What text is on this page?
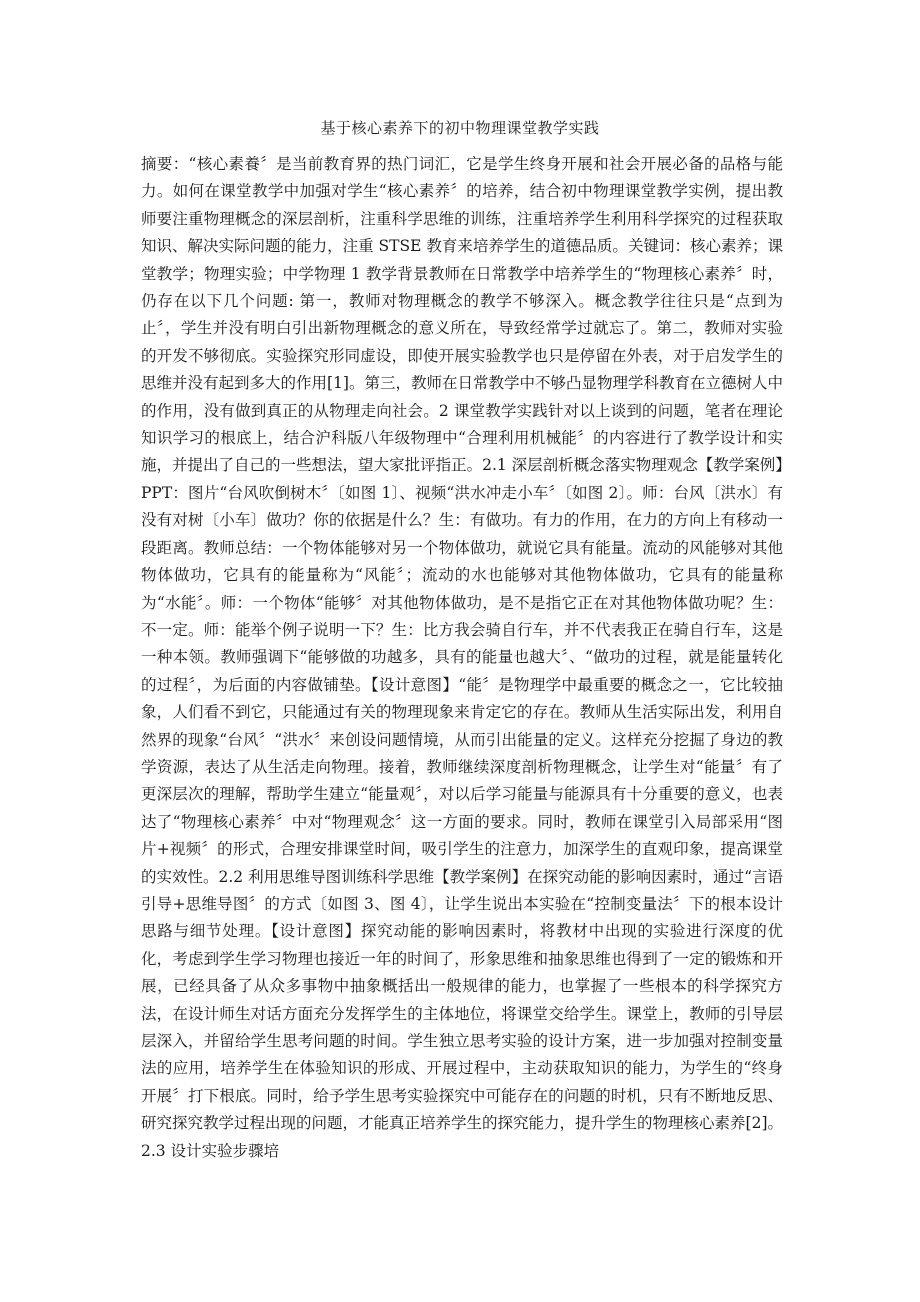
基于核心素养下的初中物理课堂教学实践
摘要：“核心素養〞是当前教育界的热门词汇，它是学生终身开展和社会开展必备的品格与能力。如何在课堂教学中加强对学生“核心素养〞的培养，结合初中物理课堂教学实例，提出教师要注重物理概念的深层剖析，注重科学思维的训练，注重培养学生利用科学探究的过程获取知识、解决实际问题的能力，注重 STSE 教育来培养学生的道德品质。关键词：核心素养；课堂教学；物理实验；中学物理 1 教学背景教师在日常教学中培养学生的“物理核心素养〞时，仍存在以下几个问题: 第一，教师对物理概念的教学不够深入。概念教学往往只是“点到为止〞，学生并没有明白引出新物理概念的意义所在，导致经常学过就忘了。第二，教师对实验的开发不够彻底。实验探究形同虚设，即使开展实验教学也只是停留在外表，对于启发学生的思维并没有起到多大的作用[1]。第三，教师在日常教学中不够凸显物理学科教育在立德树人中的作用，没有做到真正的从物理走向社会。2 课堂教学实践针对以上谈到的问题，笔者在理论知识学习的根底上，结合沪科版八年级物理中“合理利用机械能〞的内容进行了教学设计和实施，并提出了自己的一些想法，望大家批评指正。2.1 深层剖析概念落实物理观念【教学案例】PPT：图片“台风吹倒树木〞〔如图 1〕、视频“洪水冲走小车〞〔如图 2〕。师：台风〔洪水〕有没有对树〔小车〕做功？你的依据是什么？生：有做功。有力的作用，在力的方向上有移动一段距离。教师总结：一个物体能够对另一个物体做功，就说它具有能量。流动的风能够对其他物体做功，它具有的能量称为“风能〞；流动的水也能够对其他物体做功，它具有的能量称为“水能〞。师：一个物体“能够〞对其他物体做功，是不是指它正在对其他物体做功呢？生：不一定。师：能举个例子说明一下？生：比方我会骑自行车，并不代表我正在骑自行车，这是一种本领。教师强调下“能够做的功越多，具有的能量也越大〞、“做功的过程，就是能量转化的过程〞，为后面的内容做铺垫。【设计意图】“能〞是物理学中最重要的概念之一，它比较抽象，人们看不到它，只能通过有关的物理现象来肯定它的存在。教师从生活实际出发，利用自然界的现象“台风〞“洪水〞来创设问题情境，从而引出能量的定义。这样充分挖掘了身边的教学资源，表达了从生活走向物理。接着，教师继续深度剖析物理概念，让学生对“能量〞有了更深层次的理解，帮助学生建立“能量观〞，对以后学习能量与能源具有十分重要的意义，也表达了“物理核心素养〞中对“物理观念〞这一方面的要求。同时，教师在课堂引入局部采用“图片+视频〞的形式，合理安排课堂时间，吸引学生的注意力，加深学生的直观印象，提高课堂的实效性。2.2 利用思维导图训练科学思维【教学案例】在探究动能的影响因素时，通过“言语引导+思维导图〞的方式〔如图 3、图 4〕，让学生说出本实验在“控制变量法〞下的根本设计思路与细节处理。【设计意图】探究动能的影响因素时，将教材中出现的实验进行深度的优化，考虑到学生学习物理也接近一年的时间了，形象思维和抽象思维也得到了一定的锻炼和开展，已经具备了从众多事物中抽象概括出一般规律的能力，也掌握了一些根本的科学探究方法，在设计师生对话方面充分发挥学生的主体地位，将课堂交给学生。课堂上，教师的引导层层深入，并留给学生思考问题的时间。学生独立思考实验的设计方案，进一步加强对控制变量法的应用，培养学生在体验知识的形成、开展过程中，主动获取知识的能力，为学生的“终身开展〞打下根底。同时，给予学生思考实验探究中可能存在的问题的时机，只有不断地反思、研究探究教学过程出现的问题，才能真正培养学生的探究能力，提升学生的物理核心素养[2]。2.3 设计实验步骤培
